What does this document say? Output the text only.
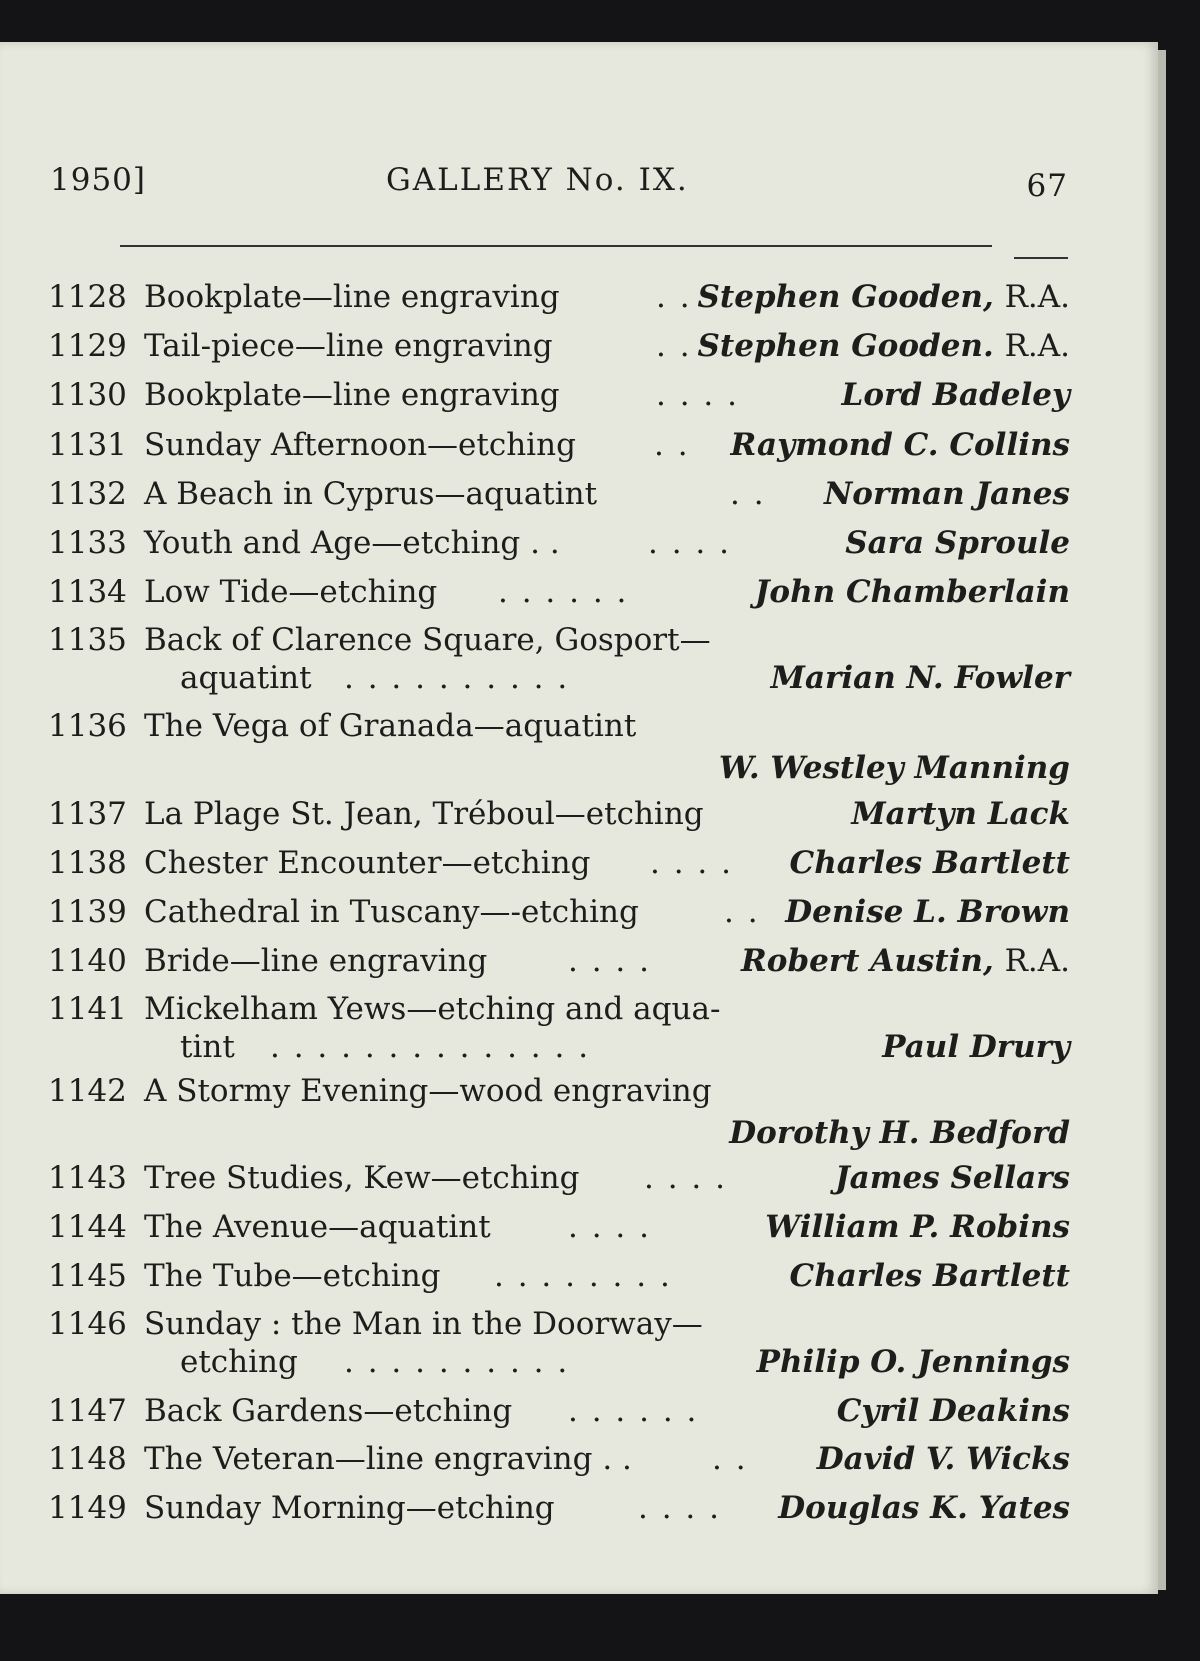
1950]	GALLERY No. IX.	67
1128 Bookplate—line engraving	. . Stephen Gooden, R.A.
1129 Tail-piece—line engraving	. . Stephen Gooden. R.A.
1130 Bookplate—line engraving	. . . .	Lord Badeley
1131 Sunday Afternoon—etching	. . Raymond C. Collins
1132 A Beach in Cyprus—aquatint	. . Norman Janes
1133 Youth and Age—etching . .	. . . .	Sara Sproule
1134 Low Tide—etching . . . . . .	John Chamberlain
1135 Back of Clarence Square, Gosport—
aquatint . . . . . . . . . .	Marian N. Fowler
1136 The Vega of Granada—aquatint
W. Westley Manning
1137 La Plage St. Jean, Tréboul—etching	Martyn Lack
1138 Chester Encounter—etching . . . . Charles Bartlett
1139 Cathedral in Tuscany—-etching	. . Denise L. Brown
1140 Bride—line engraving	. . . .	Robert Austin, R.A.
1141 Mickelham Yews—etching and aqua-
tint . . . . . . . . . . . . . .	Paul Drury
1142 A Stormy Evening—wood engraving
Dorothy H. Bedford
1143 Tree Studies, Kew—etching . . . .	James Sellars
1144 The Avenue—aquatint . . . .	William P. Robins
1145 The Tube—etching . . . . . . . .	Charles Bartlett
1146 Sunday : the Man in the Doorway—
etching . . . . . . . . . .	Philip O. Jennings
1147 Back Gardens—etching . . . . . .	Cyril Deakins
1148 The Veteran—line engraving . .	. . David V. Wicks
1149 Sunday Morning—etching	. . . . Douglas K. Yates
